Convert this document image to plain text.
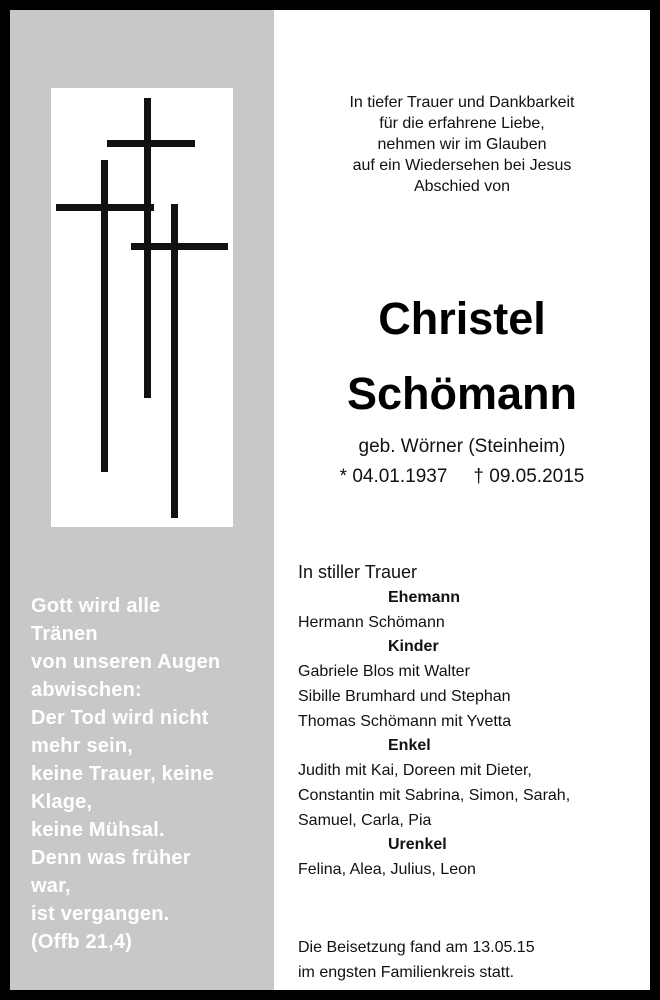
Gott wird alle
Tränen
von unseren Augen
abwischen:
Der Tod wird nicht
mehr sein,
keine Trauer, keine
Klage,
keine Mühsal.
Denn was früher
war,
ist vergangen.
(Offb 21,4)
In tiefer Trauer und Dankbarkeit
für die erfahrene Liebe,
nehmen wir im Glauben
auf ein Wiedersehen bei Jesus
Abschied von
Christel
Schömann
geb. Wörner (Steinheim)
* 04.01.1937 † 09.05.2015
In stiller Trauer
Ehemann
Hermann Schömann
Kinder
Gabriele Blos mit Walter
Sibille Brumhard und Stephan
Thomas Schömann mit Yvetta
Enkel
Judith mit Kai, Doreen mit Dieter,
Constantin mit Sabrina, Simon, Sarah,
Samuel, Carla, Pia
Urenkel
Felina, Alea, Julius, Leon
Die Beisetzung fand am 13.05.15
im engsten Familienkreis statt.
